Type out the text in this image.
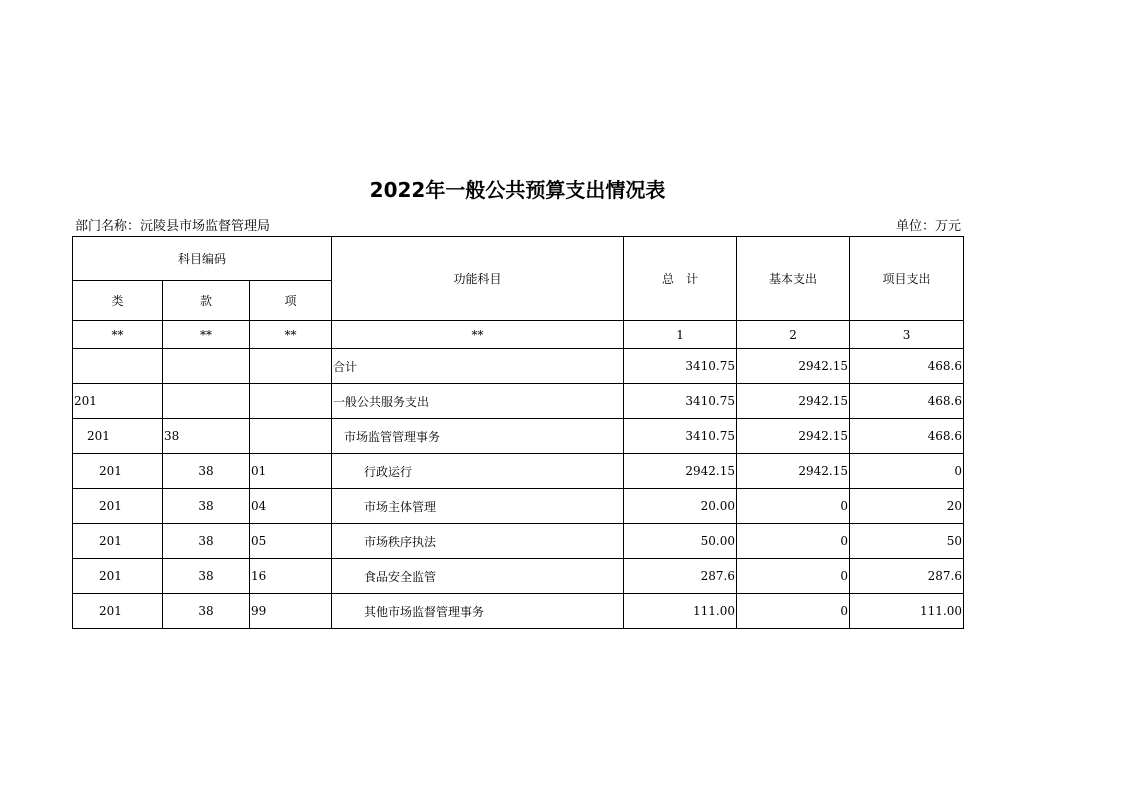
2022年一般公共预算支出情况表
部门名称：沅陵县市场监督管理局	单位：万元
科目编码			功能科目	总　计	基本支出	项目支出
类	款	项				
**	**	**	**	1	2	3
			合计	3410.75	2942.15	468.6
201			一般公共服务支出	3410.75	2942.15	468.6
201	38		市场监管管理事务	3410.75	2942.15	468.6
201	38	01	行政运行	2942.15	2942.15	0
201	38	04	市场主体管理	20.00	0	20
201	38	05	市场秩序执法	50.00	0	50
201	38	16	食品安全监管	287.6	0	287.6
201	38	99	其他市场监督管理事务	111.00	0	111.00
